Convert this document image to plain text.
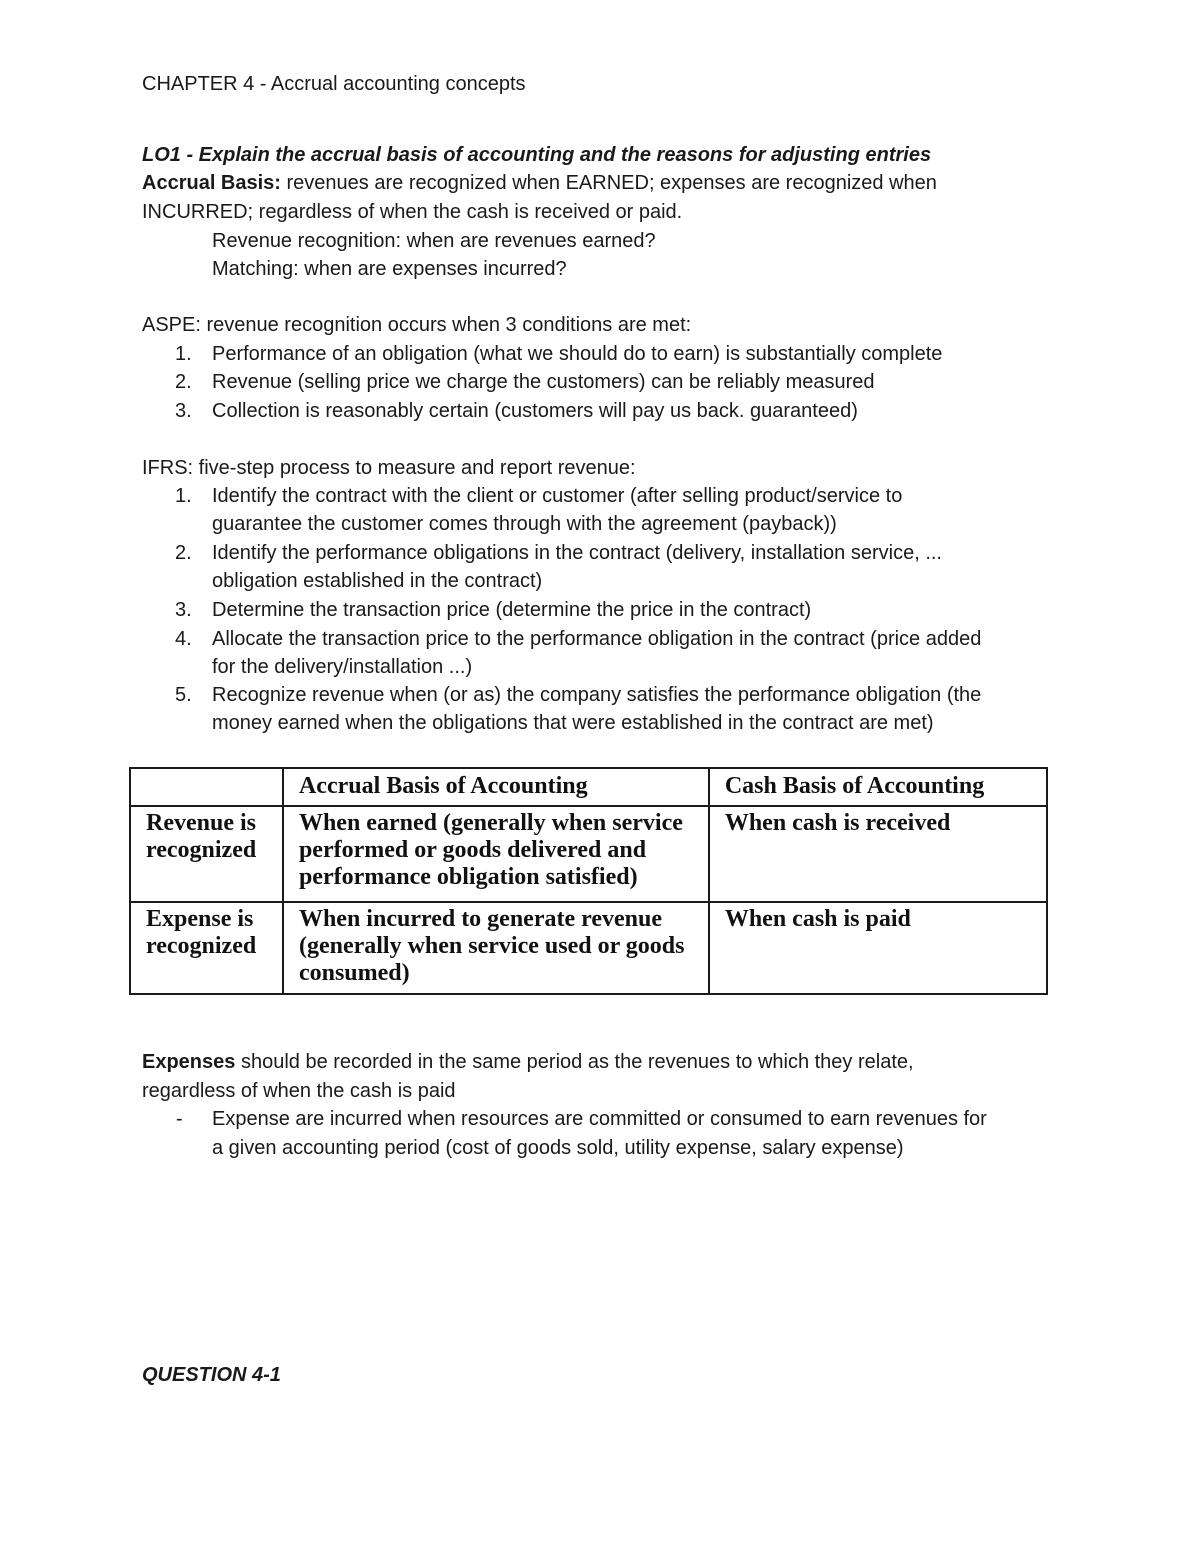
CHAPTER 4 - Accrual accounting concepts
LO1 - Explain the accrual basis of accounting and the reasons for adjusting entries
Accrual Basis: revenues are recognized when EARNED; expenses are recognized when
INCURRED; regardless of when the cash is received or paid.
Revenue recognition: when are revenues earned?
Matching: when are expenses incurred?
ASPE: revenue recognition occurs when 3 conditions are met:
1. Performance of an obligation (what we should do to earn) is substantially complete
2. Revenue (selling price we charge the customers) can be reliably measured
3. Collection is reasonably certain (customers will pay us back. guaranteed)
IFRS: five-step process to measure and report revenue:
1. Identify the contract with the client or customer (after selling product/service to
guarantee the customer comes through with the agreement (payback))
2. Identify the performance obligations in the contract (delivery, installation service, ...
obligation established in the contract)
3. Determine the transaction price (determine the price in the contract)
4. Allocate the transaction price to the performance obligation in the contract (price added
for the delivery/installation ...)
5. Recognize revenue when (or as) the company satisfies the performance obligation (the
money earned when the obligations that were established in the contract are met)
	Accrual Basis of Accounting	Cash Basis of Accounting
Revenue is recognized	When earned (generally when service performed or goods delivered and performance obligation satisfied)	When cash is received
Expense is recognized	When incurred to generate revenue (generally when service used or goods consumed)	When cash is paid
Expenses should be recorded in the same period as the revenues to which they relate,
regardless of when the cash is paid
- Expense are incurred when resources are committed or consumed to earn revenues for
a given accounting period (cost of goods sold, utility expense, salary expense)
QUESTION 4-1
